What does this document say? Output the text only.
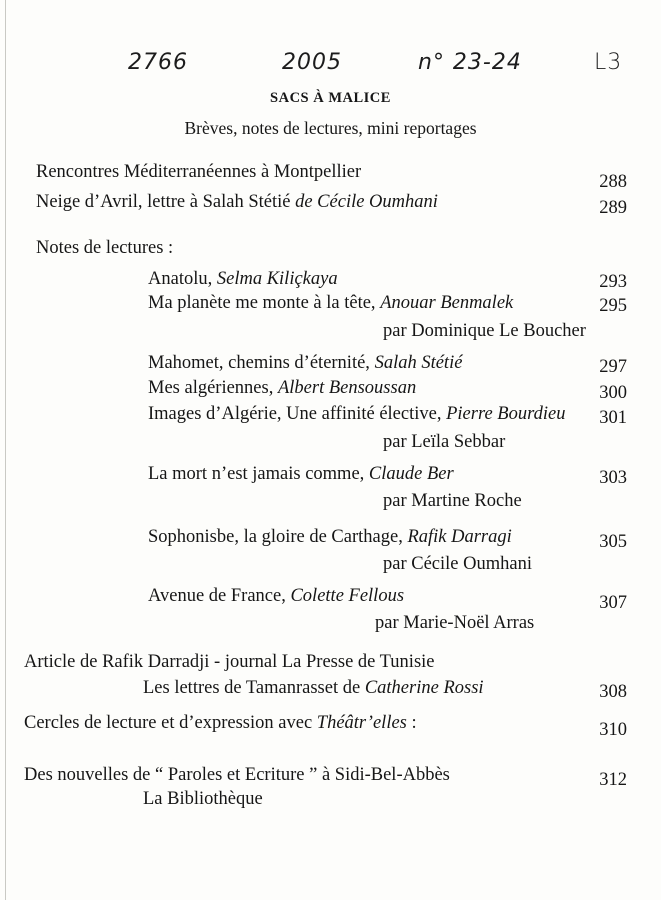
2766	2005	n° 23-24	L3
SACS À MALICE
Brèves, notes de lectures, mini reportages
Rencontres Méditerranéennes à Montpellier	288
Neige d’Avril, lettre à Salah Stétié de Cécile Oumhani	289
Notes de lectures :
Anatolu, Selma Kiliçkaya	293
Ma planète me monte à la tête, Anouar Benmalek	295
par Dominique Le Boucher
Mahomet, chemins d’éternité, Salah Stétié	297
Mes algériennes, Albert Bensoussan	300
Images d’Algérie, Une affinité élective, Pierre Bourdieu 301
par Leïla Sebbar
La mort n’est jamais comme, Claude Ber	303
par Martine Roche
Sophonisbe, la gloire de Carthage, Rafik Darragi	305
par Cécile Oumhani
Avenue de France, Colette Fellous	307
par Marie-Noël Arras
Article de Rafik Darradji - journal La Presse de Tunisie
Les lettres de Tamanrasset de Catherine Rossi	308
Cercles de lecture et d’expression avec Théâtr’elles :	310
Des nouvelles de “ Paroles et Ecriture ” à Sidi-Bel-Abbès	312
La Bibliothèque
